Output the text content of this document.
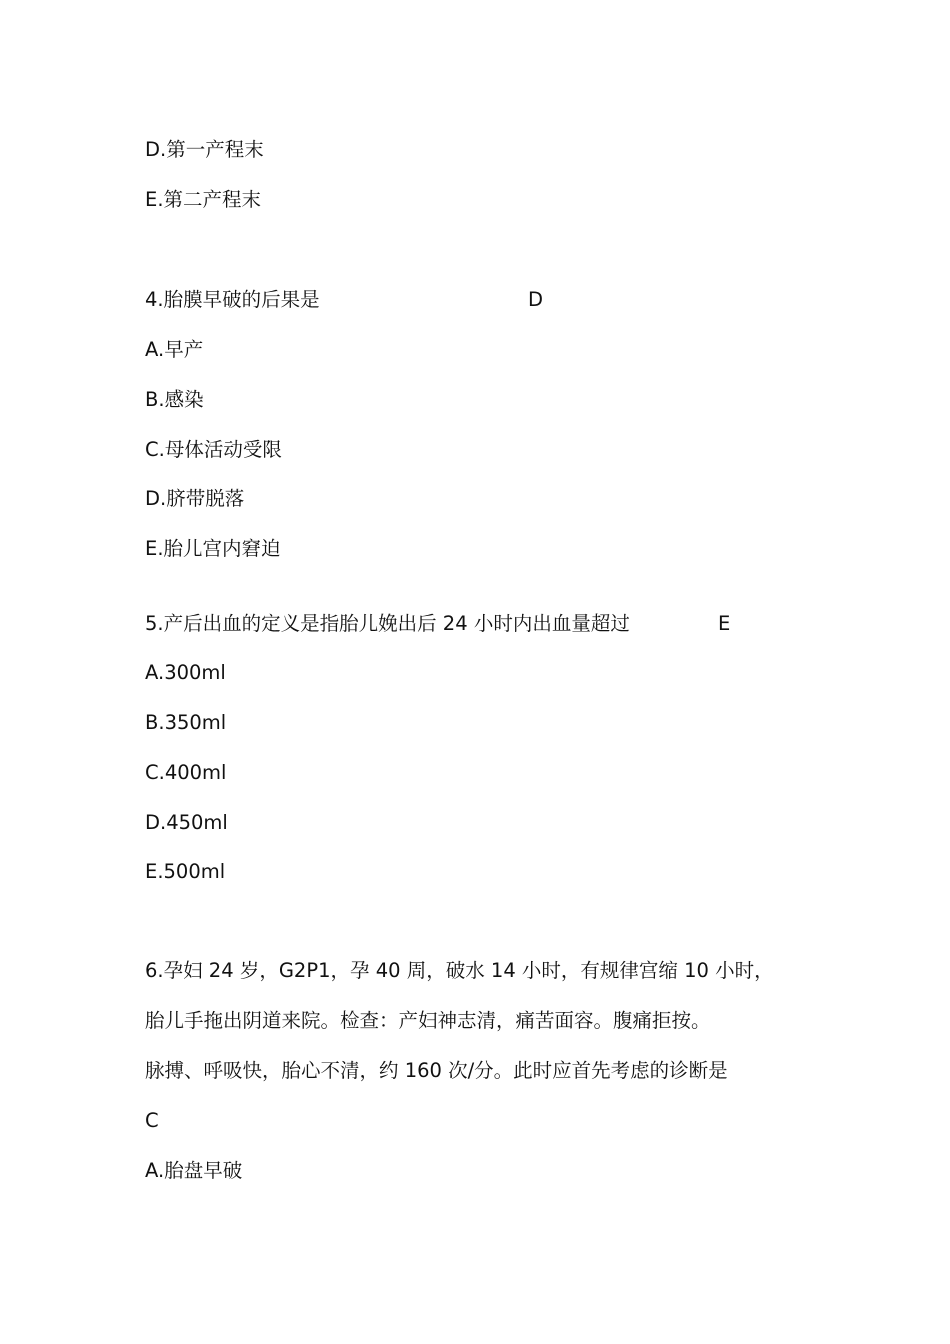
D.第一产程末
E.第二产程末
4.胎膜早破的后果是	D
A.早产
B.感染
C.母体活动受限
D.脐带脱落
E.胎儿宫内窘迫
5.产后出血的定义是指胎儿娩出后 24 小时内出血量超过	E
A.300ml
B.350ml
C.400ml
D.450ml
E.500ml
6.孕妇 24 岁，G2P1，孕 40 周，破水 14 小时，有规律宫缩 10 小时，
胎儿手拖出阴道来院。检查：产妇神志清，痛苦面容。腹痛拒按。
脉搏、呼吸快，胎心不清，约 160 次/分。此时应首先考虑的诊断是
C
A.胎盘早破
